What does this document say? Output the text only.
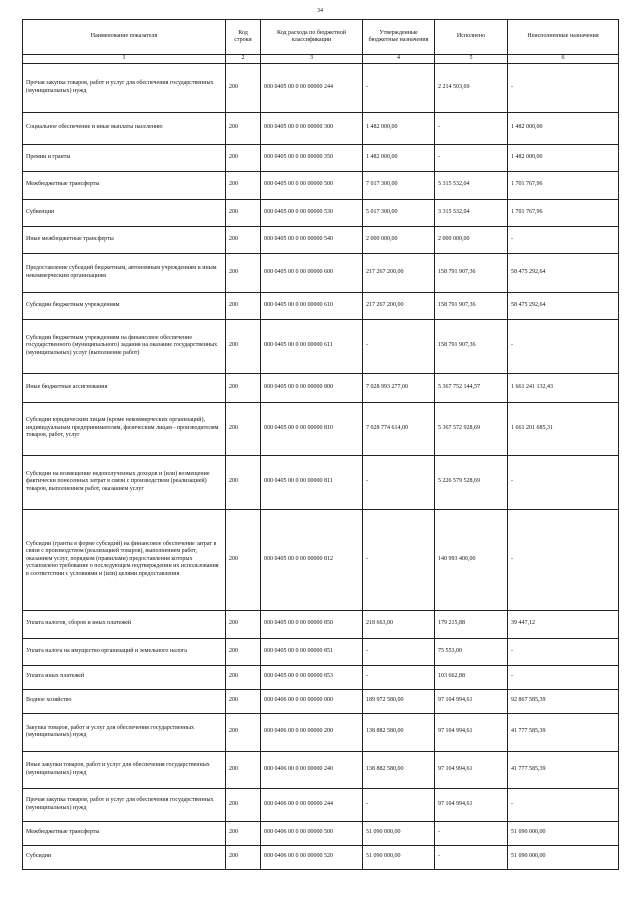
34
Наименование показателя	Код строки	Код расхода по бюджетной классификации	Утвержденные бюджетные назначения	Исполнено	Неисполненные назначения
1	2	3	4	5	6
Прочая закупка товаров, работ и услуг для обеспечения государственных (муниципальных) нужд	200	000 0405 00 0 00 00000 244	-	2 214 503,69	-
Социальное обеспечение и иные выплаты населению	200	000 0405 00 0 00 00000 300	1 482 000,00	-	1 482 000,00
Премии и гранты	200	000 0405 00 0 00 00000 350	1 482 000,00	-	1 482 000,00
Межбюджетные трансферты	200	000 0405 00 0 00 00000 500	7 017 300,00	5 315 532,04	1 701 767,96
Субвенции	200	000 0405 00 0 00 00000 530	5 017 300,00	3 315 532,04	1 701 767,96
Иные межбюджетные трансферты	200	000 0405 00 0 00 00000 540	2 000 000,00	2 000 000,00	-
Предоставление субсидий бюджетным, автономным учреждениям и иным некоммерческим организациям	200	000 0405 00 0 00 00000 600	217 267 200,00	158 791 907,36	58 475 292,64
Субсидии бюджетным учреждениям	200	000 0405 00 0 00 00000 610	217 267 200,00	158 791 907,36	58 475 292,64
Субсидии бюджетным учреждениям на финансовое обеспечение государственного (муниципального) задания на оказание государственных (муниципальных) услуг (выполнение работ)	200	000 0405 00 0 00 00000 611	-	158 791 907,36	-
Иные бюджетные ассигнования	200	000 0405 00 0 00 00000 800	7 028 993 277,00	5 367 752 144,57	1 661 241 132,43
Субсидии юридическим лицам (кроме некоммерческих организаций), индивидуальным предпринимателям, физическим лицам - производителям товаров, работ, услуг	200	000 0405 00 0 00 00000 810	7 028 774 614,00	5 367 572 928,69	1 661 201 685,31
Субсидии на возмещение недополученных доходов и (или) возмещение фактически понесенных затрат в связи с производством (реализацией) товаров, выполнением работ, оказанием услуг	200	000 0405 00 0 00 00000 811	-	5 226 579 528,69	-
Субсидии (гранты в форме субсидий) на финансовое обеспечение затрат в связи с производством (реализацией товаров), выполнением работ, оказанием услуг, порядком (правилами) предоставления которых установлено требование о последующем подтверждении их использования в соответствии с условиями и (или) целями предоставления	200	000 0405 00 0 00 00000 812	-	140 993 400,00	-
Уплата налогов, сборов и иных платежей	200	000 0405 00 0 00 00000 850	218 663,00	179 215,88	39 447,12
Уплата налога на имущество организаций и земельного налога	200	000 0405 00 0 00 00000 851	-	75 553,00	-
Уплата иных платежей	200	000 0405 00 0 00 00000 853	-	103 662,88	-
Водное хозяйство	200	000 0406 00 0 00 00000 000	189 972 580,00	97 104 994,61	92 867 585,39
Закупка товаров, работ и услуг для обеспечения государственных (муниципальных) нужд	200	000 0406 00 0 00 00000 200	138 882 580,00	97 104 994,61	41 777 585,39
Иные закупки товаров, работ и услуг для обеспечения государственных (муниципальных) нужд	200	000 0406 00 0 00 00000 240	138 882 580,00	97 104 994,61	41 777 585,39
Прочая закупка товаров, работ и услуг для обеспечения государственных (муниципальных) нужд	200	000 0406 00 0 00 00000 244	-	97 104 994,61	-
Межбюджетные трансферты	200	000 0406 00 0 00 00000 500	51 090 000,00	-	51 090 000,00
Субсидии	200	000 0406 00 0 00 00000 520	51 090 000,00	-	51 090 000,00
